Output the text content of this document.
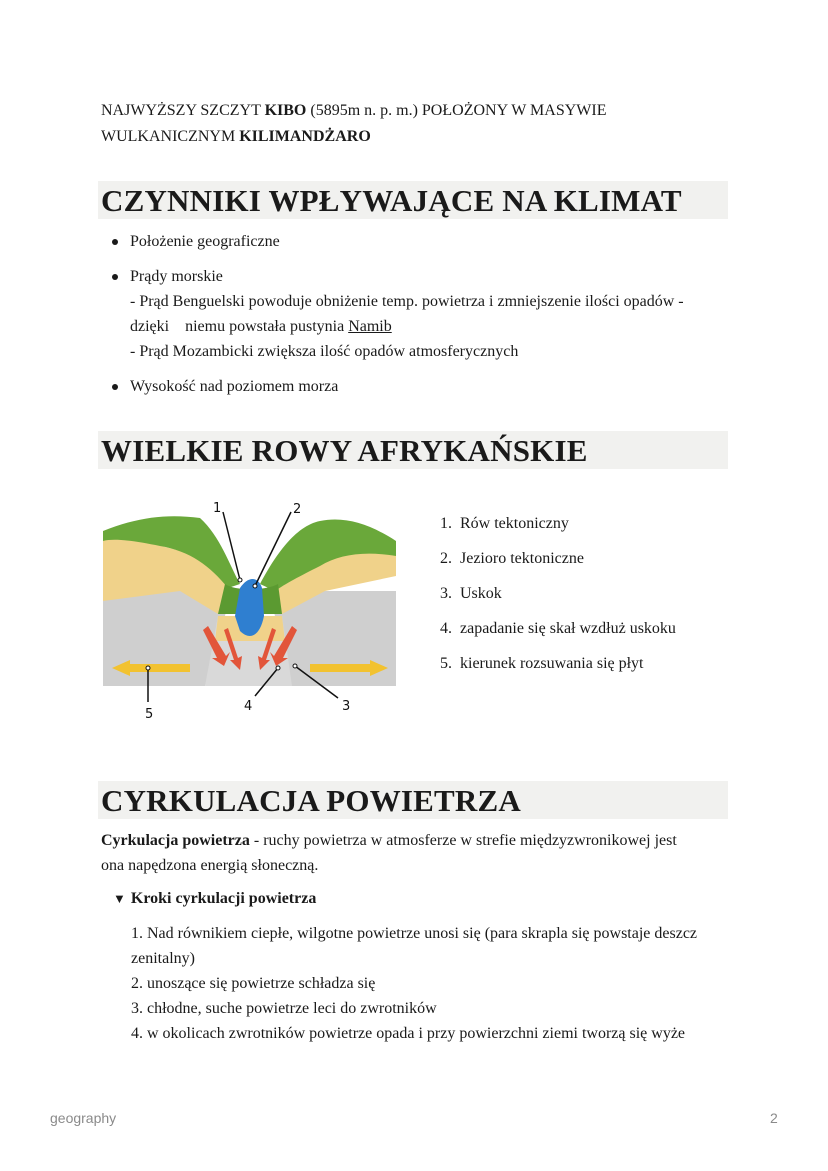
NAJWYŻSZY SZCZYT KIBO (5895m n. p. m.) POŁOŻONY W MASYWIE
WULKANICZNYM KILIMANDŻARO
CZYNNIKI WPŁYWAJĄCE NA KLIMAT
Położenie geograficzne
Prądy morskie
- Prąd Benguelski powoduje obniżenie temp. powietrza i zmniejszenie ilości opadów -
dzięki    niemu powstała pustynia Namib
- Prąd Mozambicki zwiększa ilość opadów atmosferycznych
Wysokość nad poziomem morza
WIELKIE ROWY AFRYKAŃSKIE
1	2
3
4
5
1. Rów tektoniczny
2. Jezioro tektoniczne
3. Uskok
4. zapadanie się skał wzdłuż uskoku
5. kierunek rozsuwania się płyt
CYRKULACJA POWIETRZA
Cyrkulacja powietrza - ruchy powietrza w atmosferze w strefie międzyzwronikowej jest
ona napędzona energią słoneczną.
▼ Kroki cyrkulacji powietrza
1. Nad równikiem ciepłe, wilgotne powietrze unosi się (para skrapla się powstaje deszcz
zenitalny)
2. unoszące się powietrze schładza się
3. chłodne, suche powietrze leci do zwrotników
4. w okolicach zwrotników powietrze opada i przy powierzchni ziemi tworzą się wyże
geography	2
